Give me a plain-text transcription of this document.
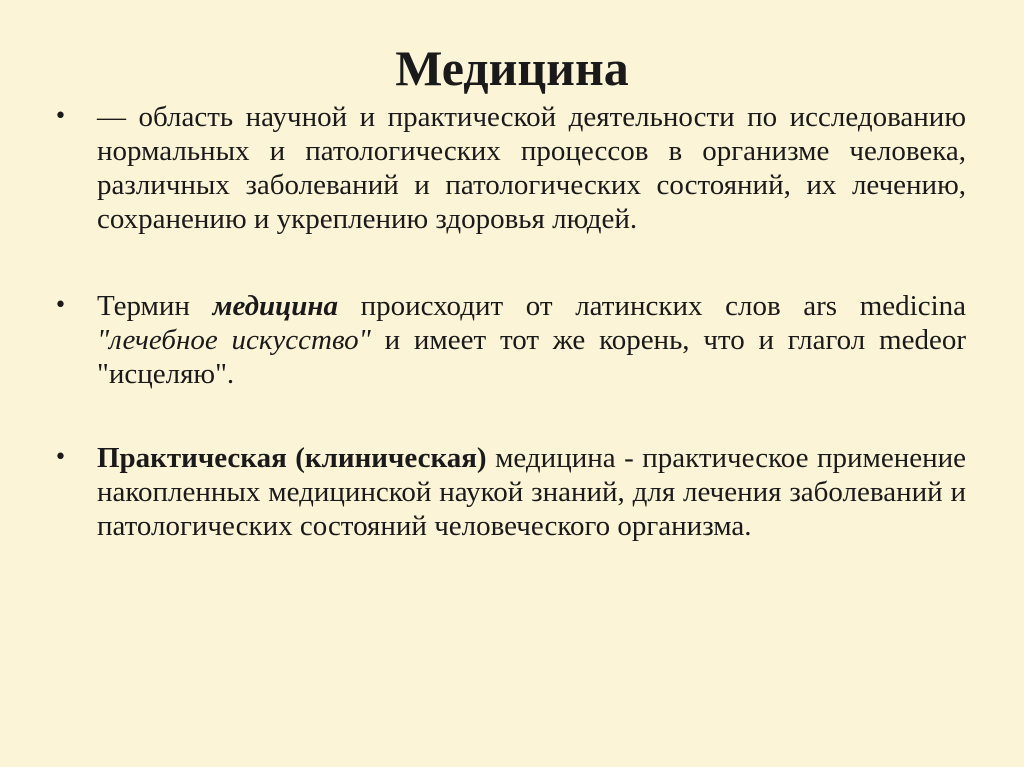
Медицина
• — область научной и практической деятельности по исследованию нормальных и патологических процессов в организме человека, различных заболеваний и патологических состояний, их лечению, сохранению и укреплению здоровья людей.
• Термин медицина происходит от латинских слов ars medicina "лечебное искусство" и имеет тот же корень, что и глагол medeor "исцеляю".
• Практическая (клиническая) медицина - практическое применение накопленных медицинской наукой знаний, для лечения заболеваний и патологических состояний человеческого организма.
